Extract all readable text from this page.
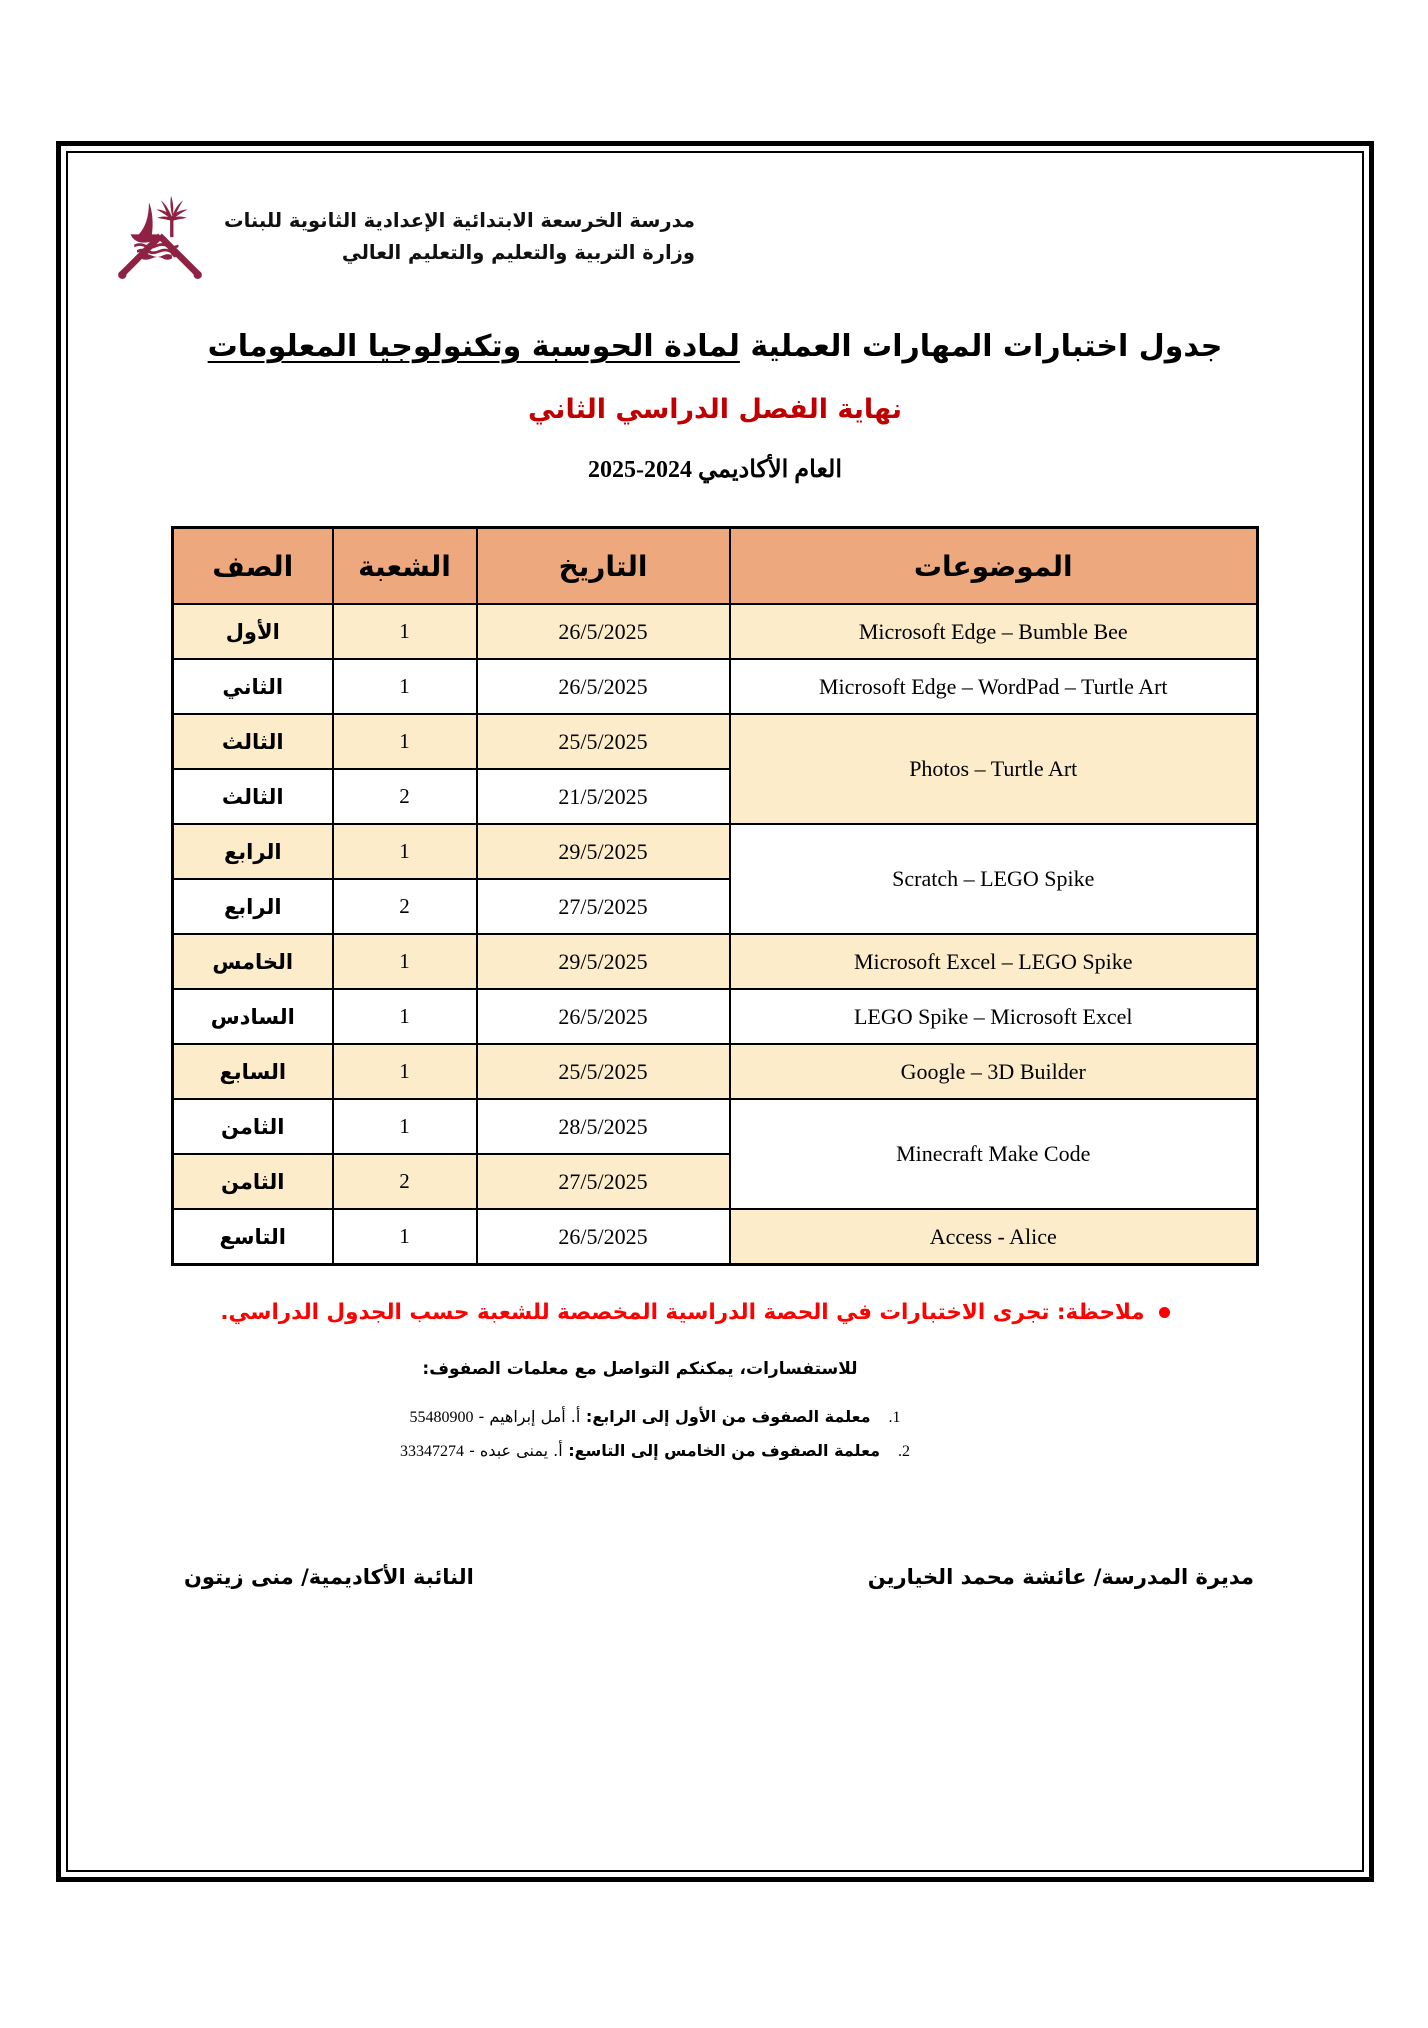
مدرسة الخرسعة الابتدائية الإعدادية الثانوية للبنات
وزارة التربية والتعليم والتعليم العالي
جدول اختبارات المهارات العملية لمادة الحوسبة وتكنولوجيا المعلومات
نهاية الفصل الدراسي الثاني
العام الأكاديمي 2024-2025
الموضوعات	التاريخ	الشعبة	الصف
Microsoft Edge – Bumble Bee	26/5/2025	1	الأول
Microsoft Edge – WordPad – Turtle Art	26/5/2025	1	الثاني
Photos – Turtle Art	25/5/2025	1	الثالث
	21/5/2025	2	الثالث
Scratch – LEGO Spike	29/5/2025	1	الرابع
	27/5/2025	2	الرابع
Microsoft Excel – LEGO Spike	29/5/2025	1	الخامس
LEGO Spike – Microsoft Excel	26/5/2025	1	السادس
Google – 3D Builder	25/5/2025	1	السابع
Minecraft Make Code	28/5/2025	1	الثامن
	27/5/2025	2	الثامن
Access - Alice	26/5/2025	1	التاسع
ملاحظة: تجرى الاختبارات في الحصة الدراسية المخصصة للشعبة حسب الجدول الدراسي.
للاستفسارات، يمكنكم التواصل مع معلمات الصفوف:
1.  معلمة الصفوف من الأول إلى الرابع: أ. أمل إبراهيم - 55480900
2.  معلمة الصفوف من الخامس إلى التاسع: أ. يمنى عبده - 33347274
النائبة الأكاديمية/ منى زيتون	مديرة المدرسة/ عائشة محمد الخيارين
